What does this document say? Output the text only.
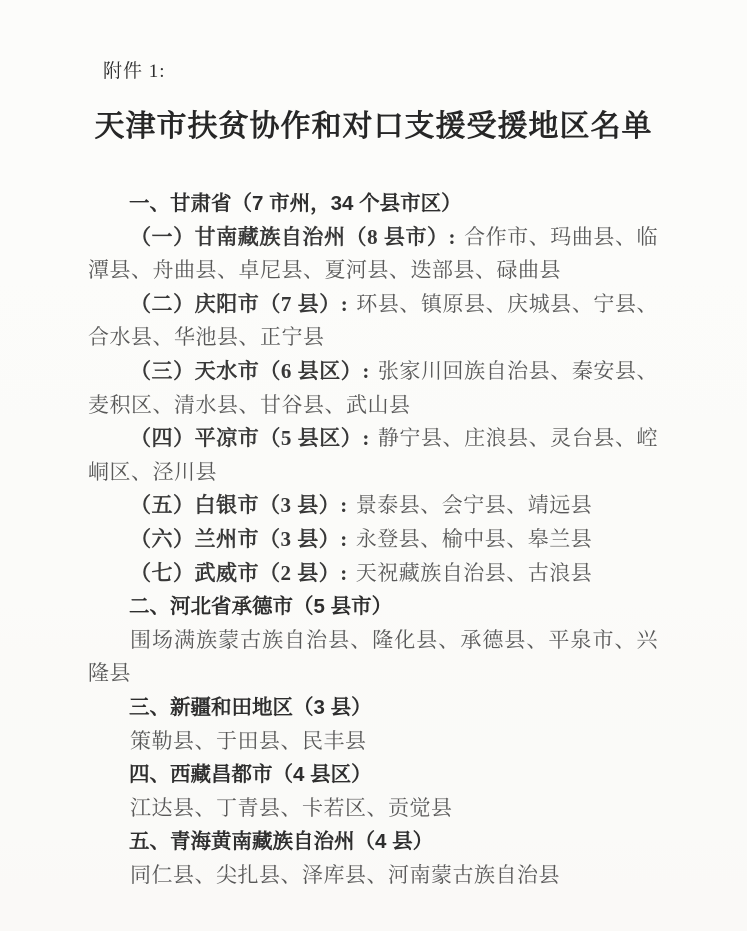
附件 1:
天津市扶贫协作和对口支援受援地区名单

一、甘肃省（7 市州，34 个县市区）

（一）甘南藏族自治州（8 县市）: 合作市、玛曲县、临潭县、舟曲县、卓尼县、夏河县、迭部县、碌曲县

（二）庆阳市（7 县）: 环县、镇原县、庆城县、宁县、合水县、华池县、正宁县

（三）天水市（6 县区）: 张家川回族自治县、秦安县、麦积区、清水县、甘谷县、武山县

（四）平凉市（5 县区）: 静宁县、庄浪县、灵台县、崆峒区、泾川县

（五）白银市（3 县）: 景泰县、会宁县、靖远县

（六）兰州市（3 县）: 永登县、榆中县、皋兰县

（七）武威市（2 县）: 天祝藏族自治县、古浪县

二、河北省承德市（5 县市）

围场满族蒙古族自治县、隆化县、承德县、平泉市、兴隆县

三、新疆和田地区（3 县）

策勒县、于田县、民丰县

四、西藏昌都市（4 县区）

江达县、丁青县、卡若区、贡觉县

五、青海黄南藏族自治州（4 县）

同仁县、尖扎县、泽库县、河南蒙古族自治县
